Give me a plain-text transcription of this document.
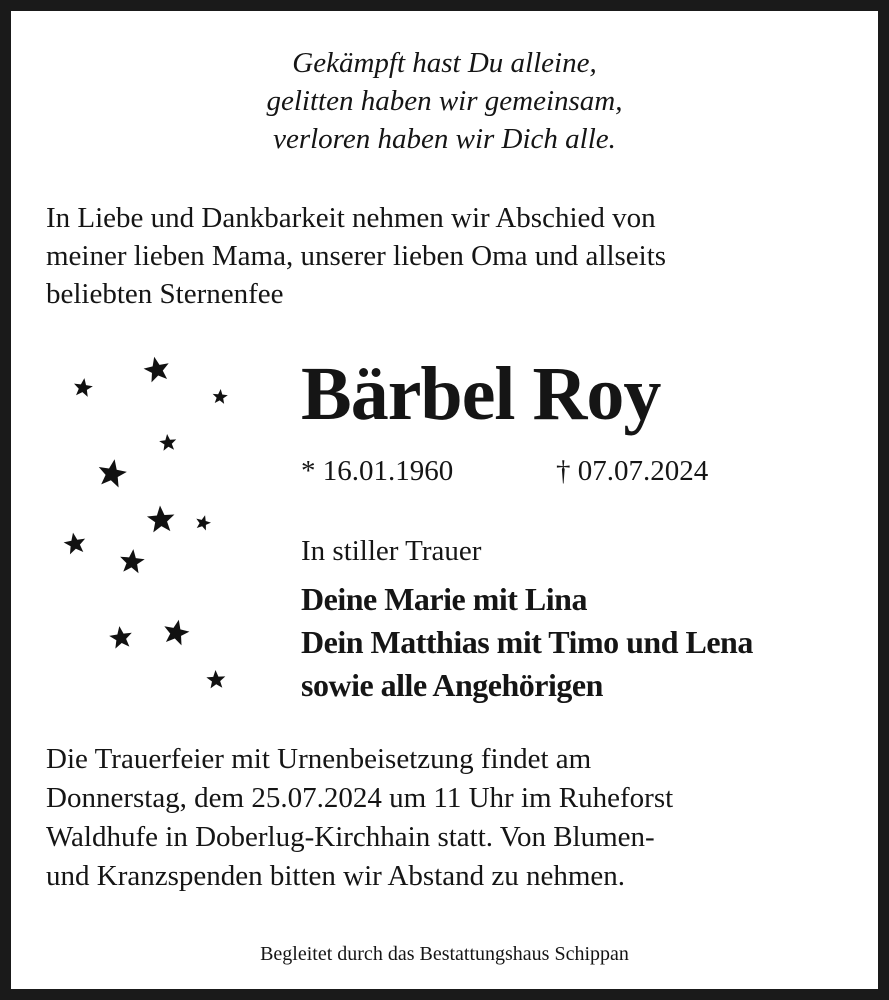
Gekämpft hast Du alleine,
gelitten haben wir gemeinsam,
verloren haben wir Dich alle.
In Liebe und Dankbarkeit nehmen wir Abschied von
meiner lieben Mama, unserer lieben Oma und allseits
beliebten Sternenfee
Bärbel Roy
* 16.01.1960	† 07.07.2024
In stiller Trauer
Deine Marie mit Lina
Dein Matthias mit Timo und Lena
sowie alle Angehörigen
Die Trauerfeier mit Urnenbeisetzung findet am
Donnerstag, dem 25.07.2024 um 11 Uhr im Ruheforst
Waldhufe in Doberlug-Kirchhain statt. Von Blumen-
und Kranzspenden bitten wir Abstand zu nehmen.
Begleitet durch das Bestattungshaus Schippan
